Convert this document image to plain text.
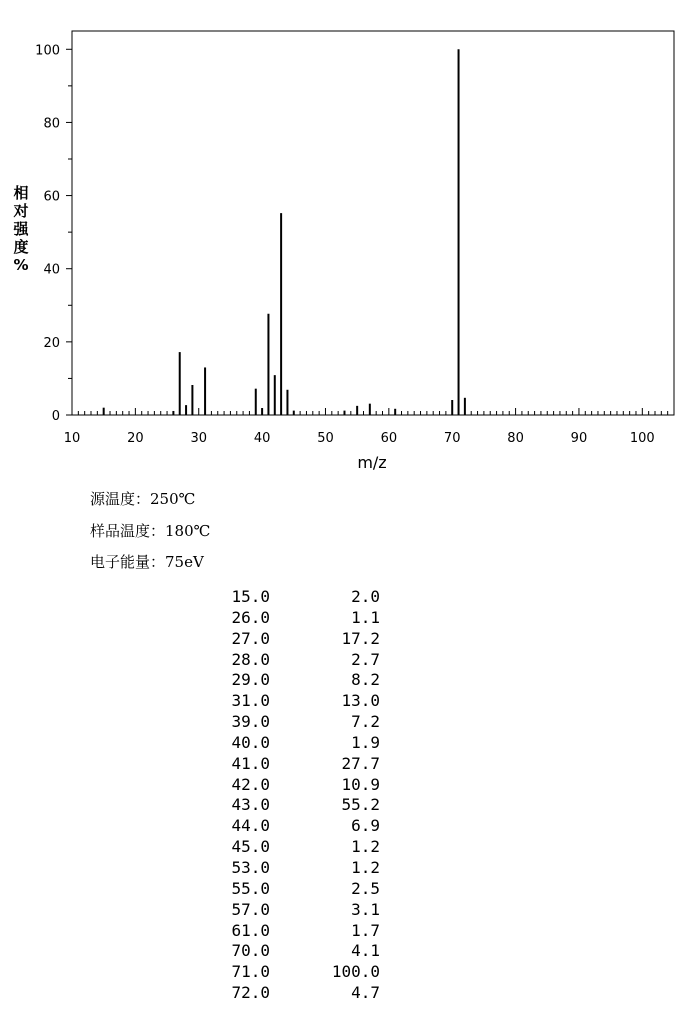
10	20	30	40	50	60	70	80	90	100
0
20
40
60
80
100
m/z
相
对
强
度
%
源温度：250℃
样品温度：180℃
电子能量：75eV
15.0	2.0
26.0	1.1
27.0	17.2
28.0	2.7
29.0	8.2
31.0	13.0
39.0	7.2
40.0	1.9
41.0	27.7
42.0	10.9
43.0	55.2
44.0	6.9
45.0	1.2
53.0	1.2
55.0	2.5
57.0	3.1
61.0	1.7
70.0	4.1
71.0	100.0
72.0	4.7
